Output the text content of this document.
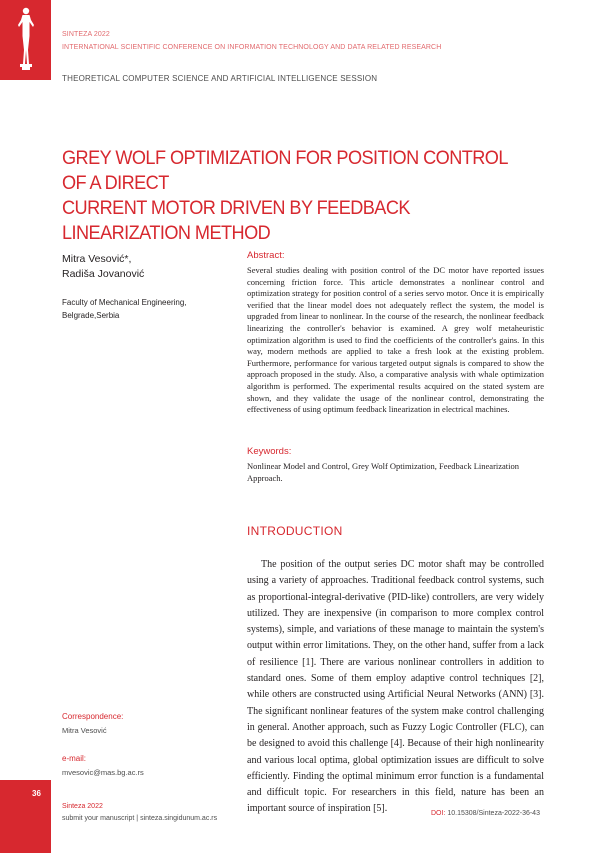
SINTEZA 2022
INTERNATIONAL SCIENTIFIC CONFERENCE ON INFORMATION TECHNOLOGY AND DATA RELATED RESEARCH
THEORETICAL COMPUTER SCIENCE AND ARTIFICIAL INTELLIGENCE SESSION
GREY WOLF OPTIMIZATION FOR POSITION CONTROL OF A DIRECT
CURRENT MOTOR DRIVEN BY FEEDBACK LINEARIZATION METHOD
Mitra Vesović*,
Radiša Jovanović
Faculty of Mechanical Engineering,
Belgrade,Serbia
Abstract:
Several studies dealing with position control of the DC motor have reported issues concerning friction force. This article demonstrates a nonlinear control and optimization strategy for position control of a series servo motor. Once it is empirically verified that the linear model does not adequately reflect the system, the model is upgraded from linear to nonlinear. In the course of the research, the nonlinear feedback linearizing the controller's behavior is examined. A grey wolf metaheuristic optimization algorithm is used to find the coefficients of the controller's gains. In this way, modern methods are applied to take a fresh look at the existing problem. Furthermore, performance for various targeted output signals is compared to show the approach proposed in the study. Also, a comparative analysis with whale optimization algorithm is performed. The experimental results acquired on the stated system are shown, and they validate the usage of the nonlinear control, demonstrating the effectiveness of using optimum feedback linearization in electrical machines.
Keywords:
Nonlinear Model and Control, Grey Wolf Optimization, Feedback Linearization Approach.
INTRODUCTION

The position of the output series DC motor shaft may be controlled using a variety of approaches. Traditional feedback control systems, such as proportional-integral-derivative (PID-like) controllers, are very widely utilized. They are inexpensive (in comparison to more complex control systems), simple, and variations of these manage to maintain the system's output within error limitations. They, on the other hand, suffer from a lack of resilience [1]. There are various nonlinear controllers in addition to standard ones. Some of them employ adaptive control techniques [2], while others are constructed using Artificial Neural Networks (ANN) [3]. The significant nonlinear features of the system make control challenging in general. Another approach, such as Fuzzy Logic Controller (FLC), can be designed to avoid this challenge [4]. Because of their high nonlinearity and various local optima, global optimization issues are difficult to solve efficiently. Finding the optimal minimum error function is a fundamental and difficult topic. For researchers in this field, nature has been an important source of inspiration [5].

Correspondence:
Mitra Vesović
e-mail:
mvesovic@mas.bg.ac.rs
36
Sinteza 2022
submit your manuscript | sinteza.singidunum.ac.rs
DOI: 10.15308/Sinteza-2022-36-43
